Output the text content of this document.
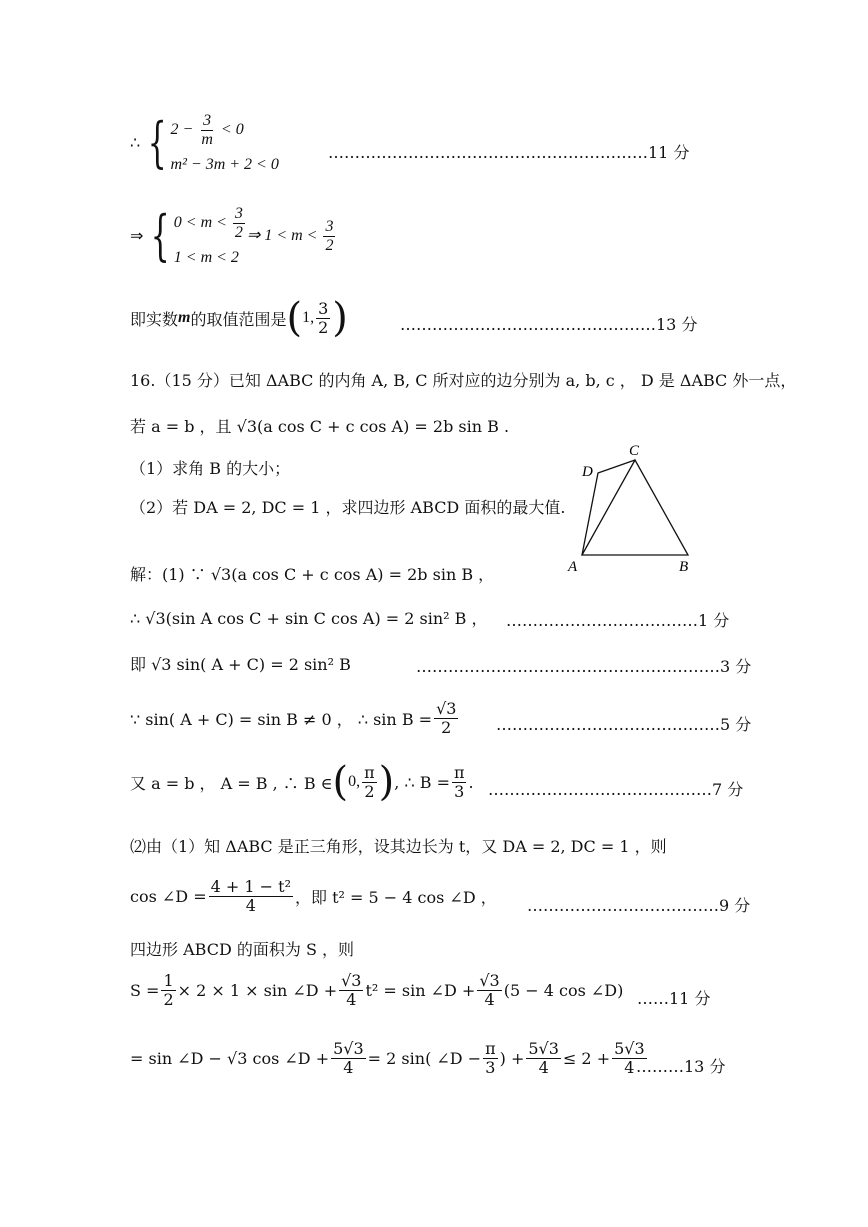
∴ { $2 - \frac{3}{m} < 0$
m² − 3m + 2 < 0
……………………………………………………11 分
⇒ { $0 < m < \frac{3}{2}$
1 < m < 2
⇒ $1 < m < \frac{3}{2}$
即实数 m 的取值范围是 ( 1, $\frac{3}{2}$ )	…………………………………………13 分
16.（15 分）已知 ΔABC 的内角 A, B, C 所对应的边分别为 a, b, c ， D 是 ΔABC 外一点，
若 a = b ，且 √3(a cos C + c cos A) = 2b sin B .
（1）求角 B 的大小；
（2）若 DA = 2, DC = 1 ，求四边形 ABCD 面积的最大值.
A	B
C
D
解：(1) ∵ √3(a cos C + c cos A) = 2b sin B ，
∴ √3(sin A cos C + sin C cos A) = 2 sin² B ， ………………………………1 分
即 √3 sin( A + C) = 2 sin² B	…………………………………………………3 分
∵ sin( A + C) = sin B ≠ 0 ， ∴ $\sin B = \frac{√3}{2}$ ……………………………………5 分
又 a = b ， A = B , ∴ B ∈ ( 0, $\frac{\pi}{2}$ ) , ∴ $B = \frac{\pi}{3}$ . ……………………………………7 分
⑵由（1）知 ΔABC 是正三角形，设其边长为 t，又 DA = 2, DC = 1 ，则
cos ∠D = $\frac{\text{4 + 1 − t²}}{4}$ ，即 t² = 5 − 4 cos ∠D ， ………………………………9 分
四边形 ABCD 的面积为 S ，则
$S = \frac{1}{2} \times 2 \times 1 \times \sin$ ∠D + $\frac{√3}{4} t^2 = \sin$ ∠D + $\frac{√3}{4} (5 - 4$ cos ∠D) ……11 分
= sin ∠D − √3 cos ∠D + $\frac{5√3}{4} = 2$ sin( ∠D − $\frac{\pi}{3}$ ) + $\frac{5√3}{4} \le 2 + \frac{5√3}{4}$
………13 分
